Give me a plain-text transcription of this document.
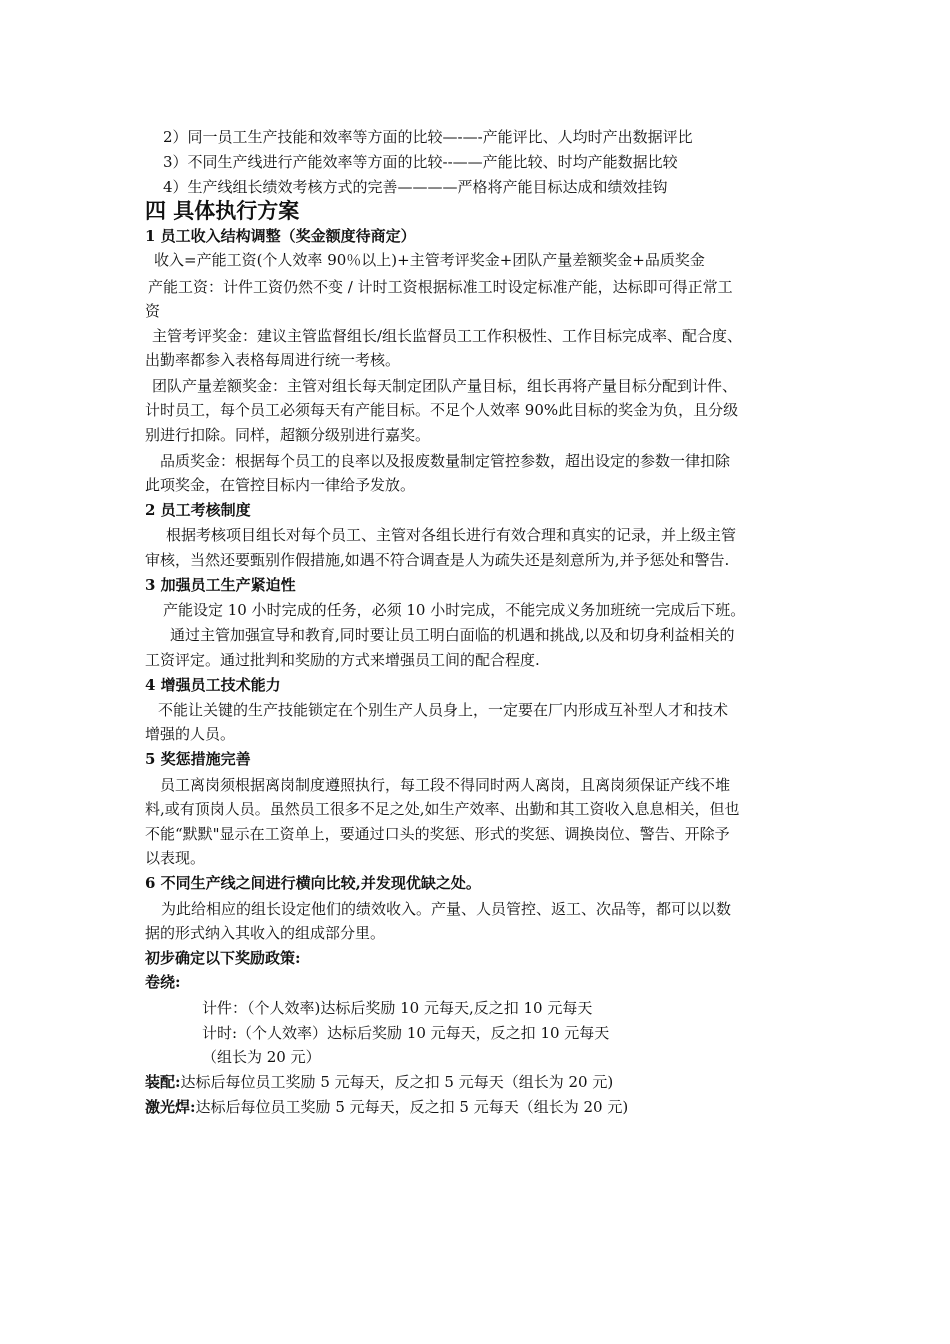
2）同一员工生产技能和效率等方面的比较—-—-产能评比、人均时产出数据评比
3）不同生产线进行产能效率等方面的比较--——产能比较、时均产能数据比较
4）生产线组长绩效考核方式的完善————严格将产能目标达成和绩效挂钩
四 具体执行方案
1 员工收入结构调整（奖金额度待商定）
收入=产能工资(个人效率 90％以上)+主管考评奖金+团队产量差额奖金+品质奖金
产能工资：计件工资仍然不变 / 计时工资根据标准工时设定标准产能，达标即可得正常工
资
主管考评奖金：建议主管监督组长/组长监督员工工作积极性、工作目标完成率、配合度、
出勤率都参入表格每周进行统一考核。
团队产量差额奖金：主管对组长每天制定团队产量目标，组长再将产量目标分配到计件、
计时员工，每个员工必须每天有产能目标。不足个人效率 90%此目标的奖金为负，且分级
别进行扣除。同样，超额分级别进行嘉奖。
品质奖金：根据每个员工的良率以及报废数量制定管控参数，超出设定的参数一律扣除
此项奖金，在管控目标内一律给予发放。
2 员工考核制度
根据考核项目组长对每个员工、主管对各组长进行有效合理和真实的记录，并上级主管
审核，当然还要甄别作假措施,如遇不符合调查是人为疏失还是刻意所为,并予惩处和警告.
3 加强员工生产紧迫性
产能设定 10 小时完成的任务，必须 10 小时完成，不能完成义务加班统一完成后下班。
通过主管加强宣导和教育,同时要让员工明白面临的机遇和挑战,以及和切身利益相关的
工资评定。通过批判和奖励的方式来增强员工间的配合程度.
4 增强员工技术能力
不能让关键的生产技能锁定在个别生产人员身上，一定要在厂内形成互补型人才和技术
增强的人员。
5 奖惩措施完善
员工离岗须根据离岗制度遵照执行，每工段不得同时两人离岗，且离岗须保证产线不堆
料,或有顶岗人员。虽然员工很多不足之处,如生产效率、出勤和其工资收入息息相关，但也
不能“默默"显示在工资单上，要通过口头的奖惩、形式的奖惩、调换岗位、警告、开除予
以表现。
6 不同生产线之间进行横向比较,并发现优缺之处。
为此给相应的组长设定他们的绩效收入。产量、人员管控、返工、次品等，都可以以数
据的形式纳入其收入的组成部分里。
初步确定以下奖励政策:
卷绕:
计件：（个人效率)达标后奖励 10 元每天,反之扣 10 元每天
计时:（个人效率）达标后奖励 10 元每天，反之扣 10 元每天
（组长为 20 元）
装配:达标后每位员工奖励 5 元每天，反之扣 5 元每天（组长为 20 元)
激光焊:达标后每位员工奖励 5 元每天，反之扣 5 元每天（组长为 20 元)
